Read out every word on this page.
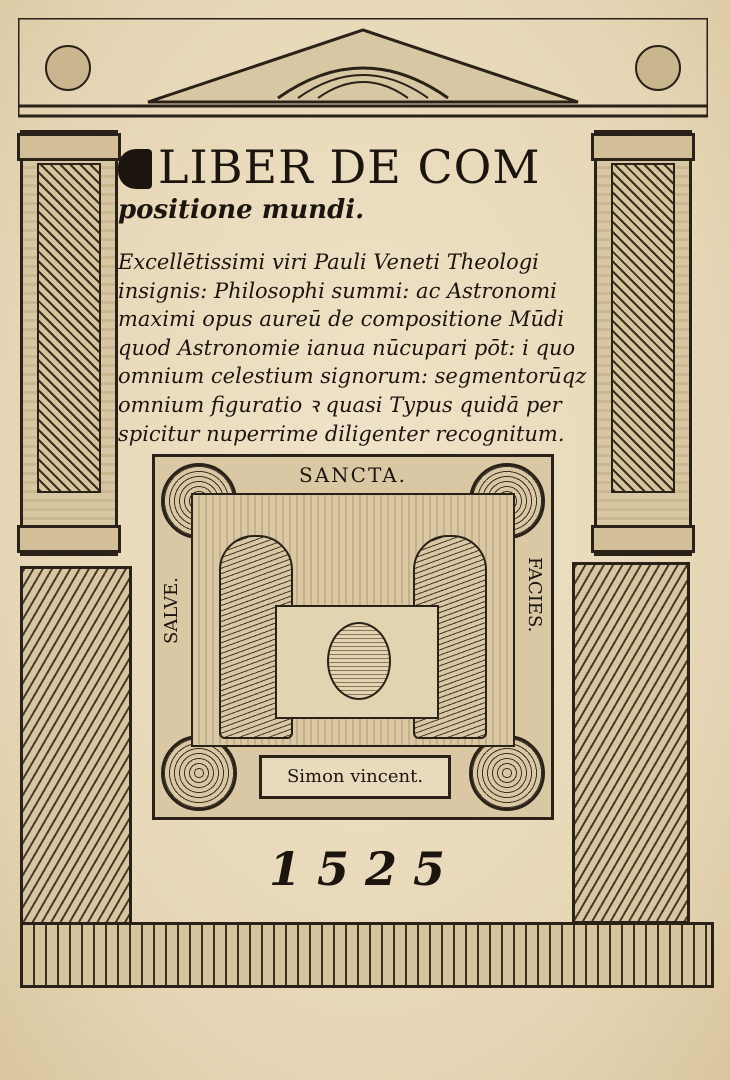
LIBER DE COM
positione mundi.
Excellētissimi viri Pauli Veneti Theologi
insignis: Philosophi summi: ac Astronomi
maximi opus aureū de compositione Mūdi
quod Astronomie ianua nūcupari pōt: i quo
omnium celestium signorum: segmentorūqz
omnium figuratio ꝛ quasi Typus quidā per
spicitur nuperrime diligenter recognitum.
SANCTA.
SALVE.	FACIES.
Simon vincent.
1525
